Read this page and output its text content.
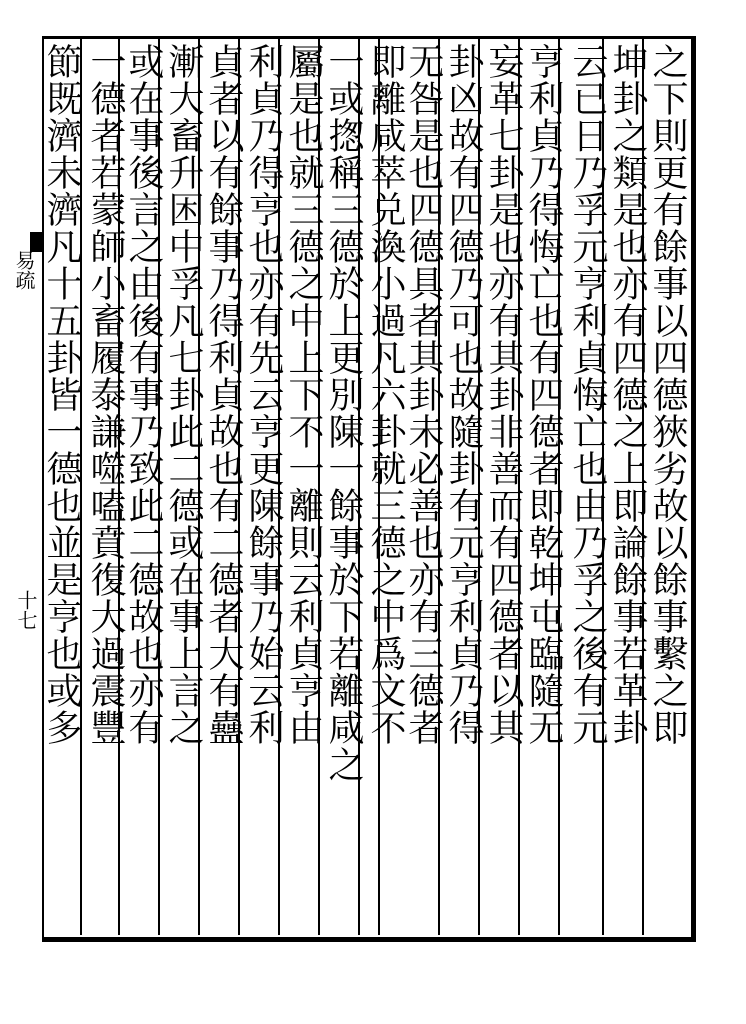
易疏
十七	之下則更有餘事以四德狹劣故以餘事繫之即
坤卦之類是也亦有四德之上即論餘事若革卦
云已日乃孚元亨利貞悔亡也由乃孚之後有元
亨利貞乃得悔亡也有四德者即乾坤屯臨隨无
妄革七卦是也亦有其卦非善而有四德者以其
卦凶故有四德乃可也故隨卦有元亨利貞乃得
无咎是也四德具者其卦未必善也亦有三德者
即離咸萃兑渙小過凡六卦就三德之中爲文不
一或揔稱三德於上更別陳一餘事於下若離咸之
屬是也就三德之中上下不一離則云利貞亨由
利貞乃得亨也亦有先云亨更陳餘事乃始云利
貞者以有餘事乃得利貞故也有二德者大有蠱
漸大畜升困中孚凡七卦此二德或在事上言之
或在事後言之由後有事乃致此二德故也亦有
一德者若蒙師小畜履泰謙噬嗑賁復大過震豐
節既濟未濟凡十五卦皆一德也並是亨也或多
